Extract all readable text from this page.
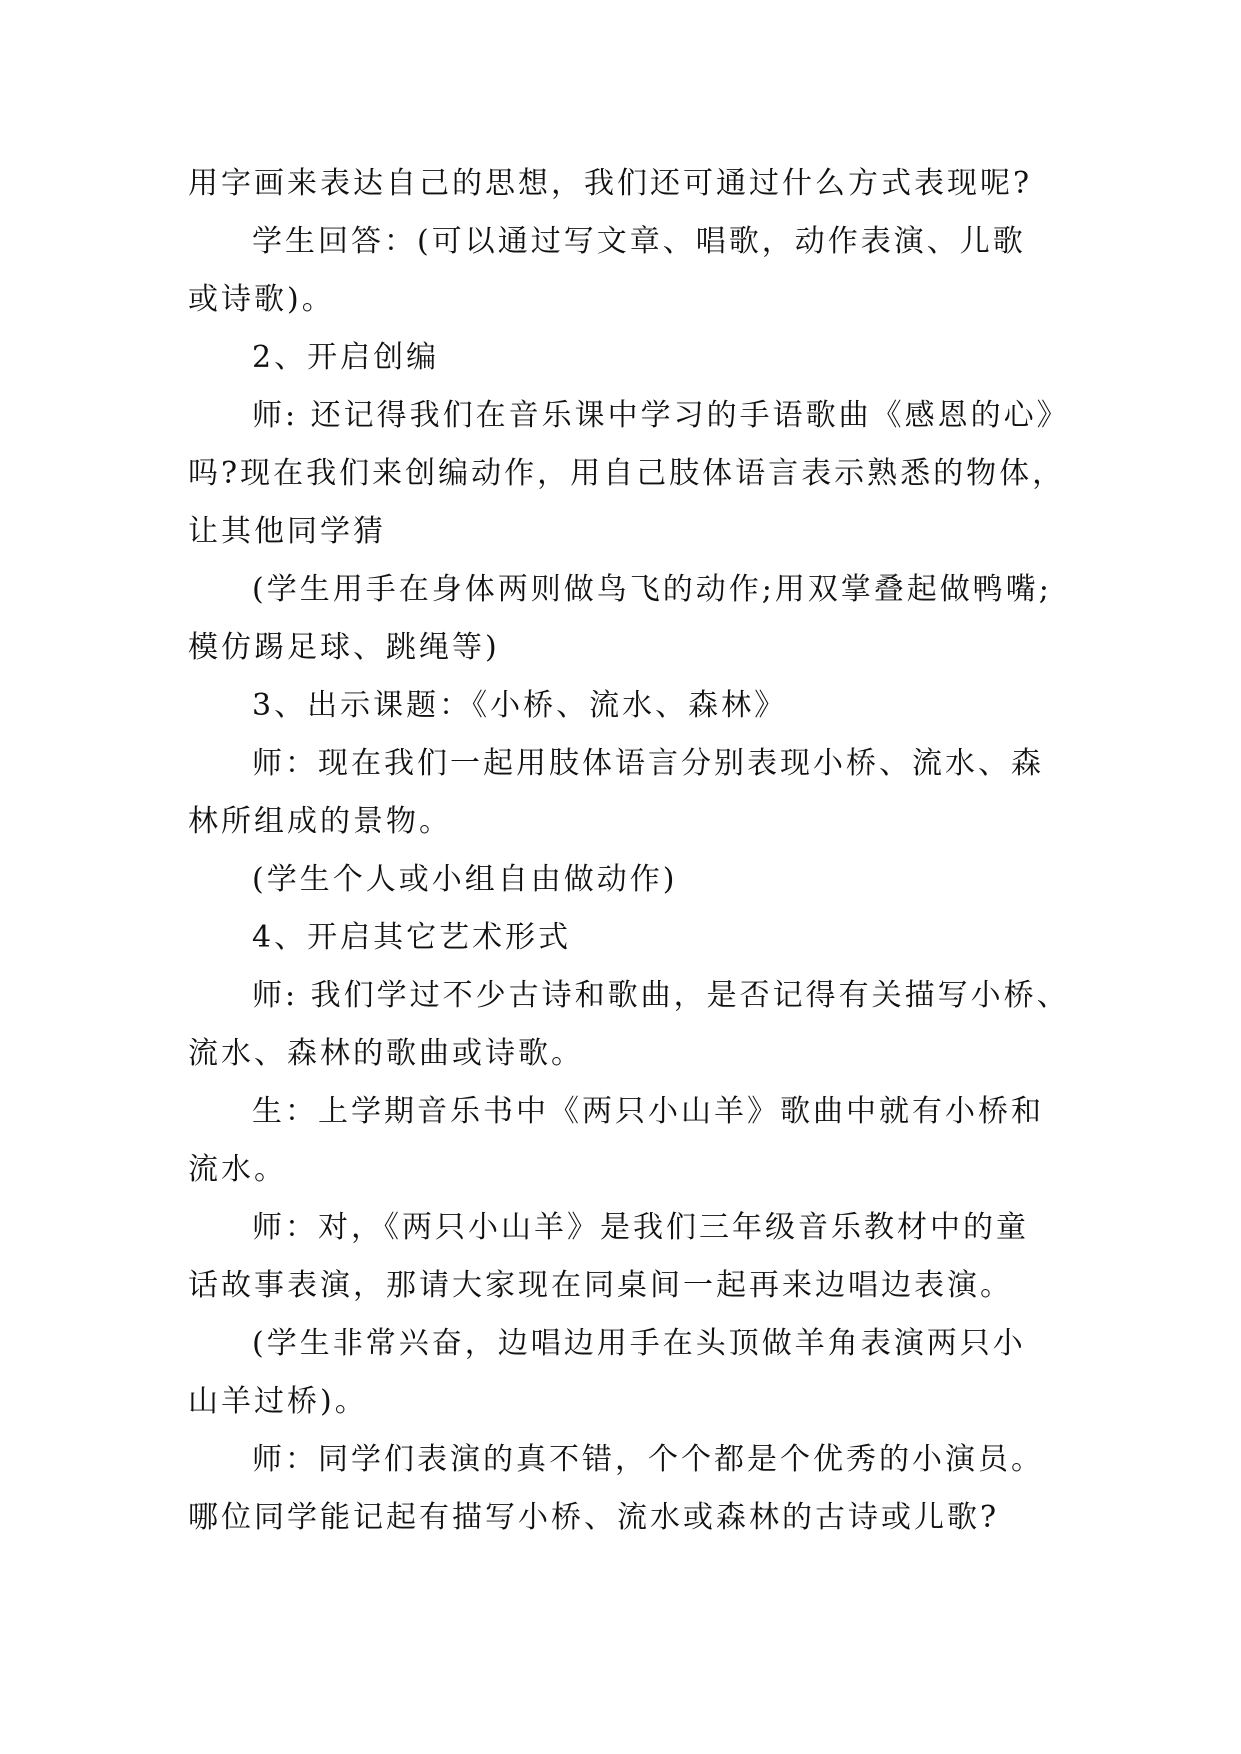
用字画来表达自己的思想，我们还可通过什么方式表现呢?
学生回答：(可以通过写文章、唱歌，动作表演、儿歌
或诗歌)。
2、开启创编
师: 还记得我们在音乐课中学习的手语歌曲《感恩的心》
吗?现在我们来创编动作，用自己肢体语言表示熟悉的物体，
让其他同学猜
(学生用手在身体两则做鸟飞的动作;用双掌叠起做鸭嘴;
模仿踢足球、跳绳等)
3、出示课题：《小桥、流水、森林》
师：现在我们一起用肢体语言分别表现小桥、流水、森
林所组成的景物。
(学生个人或小组自由做动作)
4、开启其它艺术形式
师: 我们学过不少古诗和歌曲，是否记得有关描写小桥、
流水、森林的歌曲或诗歌。
生：上学期音乐书中《两只小山羊》歌曲中就有小桥和
流水。
师：对，《两只小山羊》是我们三年级音乐教材中的童
话故事表演，那请大家现在同桌间一起再来边唱边表演。
(学生非常兴奋，边唱边用手在头顶做羊角表演两只小
山羊过桥)。
师：同学们表演的真不错，个个都是个优秀的小演员。
哪位同学能记起有描写小桥、流水或森林的古诗或儿歌?
